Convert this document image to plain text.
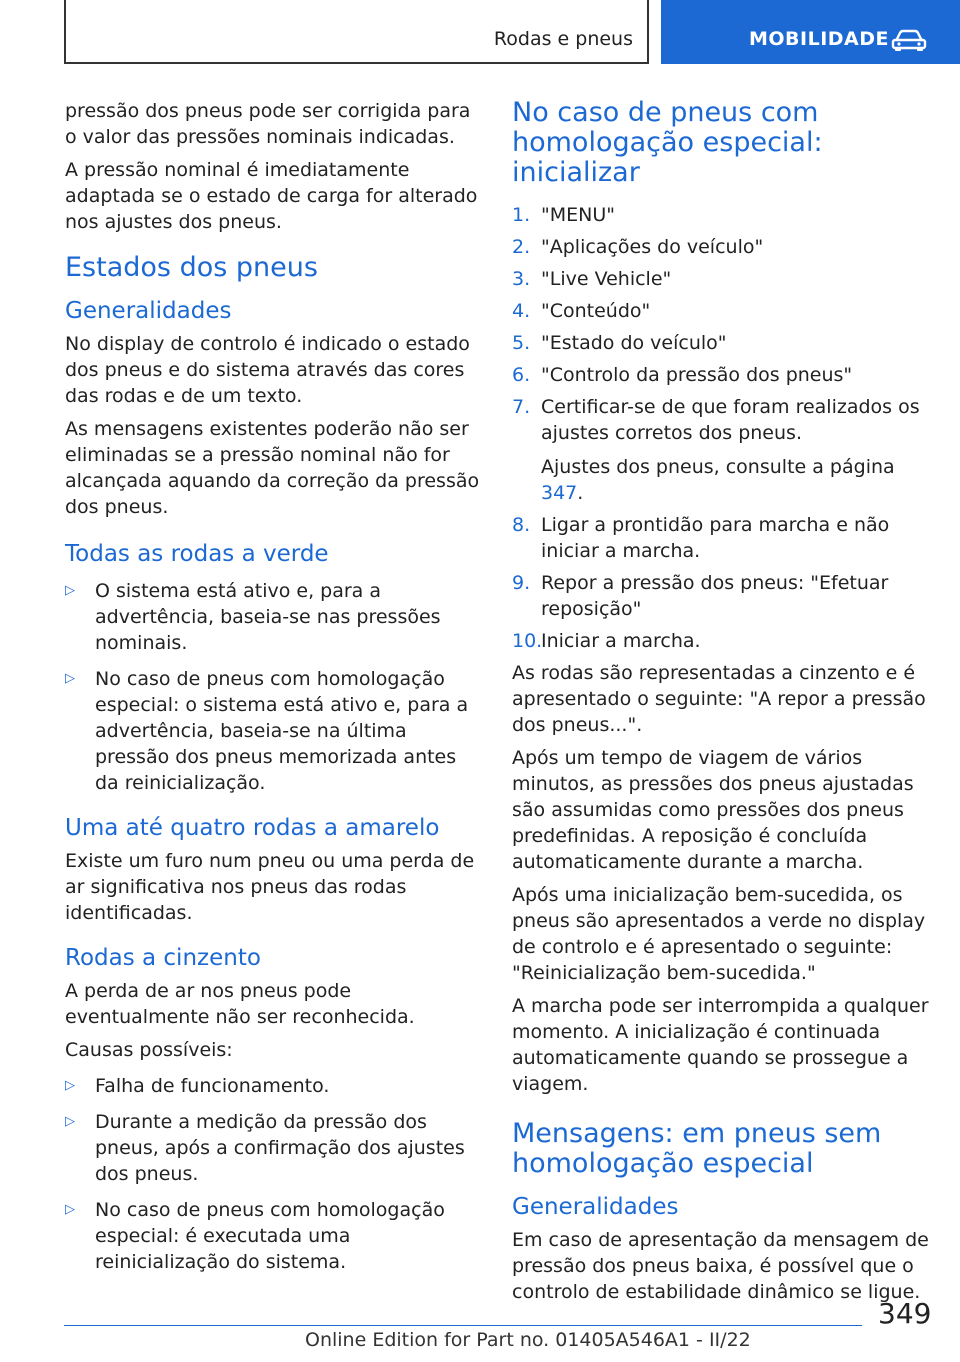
Rodas e pneus	MOBILIDADE

pressão dos pneus pode ser corrigida para o valor das pressões nominais indicadas.

A pressão nominal é imediatamente adaptada se o estado de carga for alterado nos ajustes dos pneus.

Estados dos pneus
Generalidades

No display de controlo é indicado o estado dos pneus e do sistema através das cores das rodas e de um texto.

As mensagens existentes poderão não ser eliminadas se a pressão nominal não for alcançada aquando da correção da pressão dos pneus.

Todas as rodas a verde
▷ O sistema está ativo e, para a advertência, baseia-se nas pressões nominais.
▷ No caso de pneus com homologação especial: o sistema está ativo e, para a advertência, baseia-se na última pressão dos pneus memorizada antes da reinicialização.
Uma até quatro rodas a amarelo

Existe um furo num pneu ou uma perda de ar significativa nos pneus das rodas identificadas.

Rodas a cinzento

A perda de ar nos pneus pode eventualmente não ser reconhecida.

Causas possíveis:

▷ Falha de funcionamento.
▷ Durante a medição da pressão dos pneus, após a confirmação dos ajustes dos pneus.
▷ No caso de pneus com homologação especial: é executada uma reinicialização do sistema.
No caso de pneus com homologação especial: inicializar
1. "MENU"
2. "Aplicações do veículo"
3. "Live Vehicle"
4. "Conteúdo"
5. "Estado do veículo"
6. "Controlo da pressão dos pneus"
7. Certificar-se de que foram realizados os ajustes corretos dos pneus.
Ajustes dos pneus, consulte a página 347.
8. Ligar a prontidão para marcha e não iniciar a marcha.
9. Repor a pressão dos pneus: "Efetuar reposição"
10.
Iniciar a marcha.

As rodas são representadas a cinzento e é apresentado o seguinte: "A repor a pressão dos pneus...".

Após um tempo de viagem de vários minutos, as pressões dos pneus ajustadas são assumidas como pressões dos pneus predefinidas. A reposição é concluída automaticamente durante a marcha.

Após uma inicialização bem-sucedida, os pneus são apresentados a verde no display de controlo e é apresentado o seguinte: "Reinicialização bem-sucedida."

A marcha pode ser interrompida a qualquer momento. A inicialização é continuada automaticamente quando se prossegue a viagem.

Mensagens: em pneus sem homologação especial
Generalidades

Em caso de apresentação da mensagem de pressão dos pneus baixa, é possível que o controlo de estabilidade dinâmico se ligue.

349
Online Edition for Part no. 01405A546A1 - II/22
